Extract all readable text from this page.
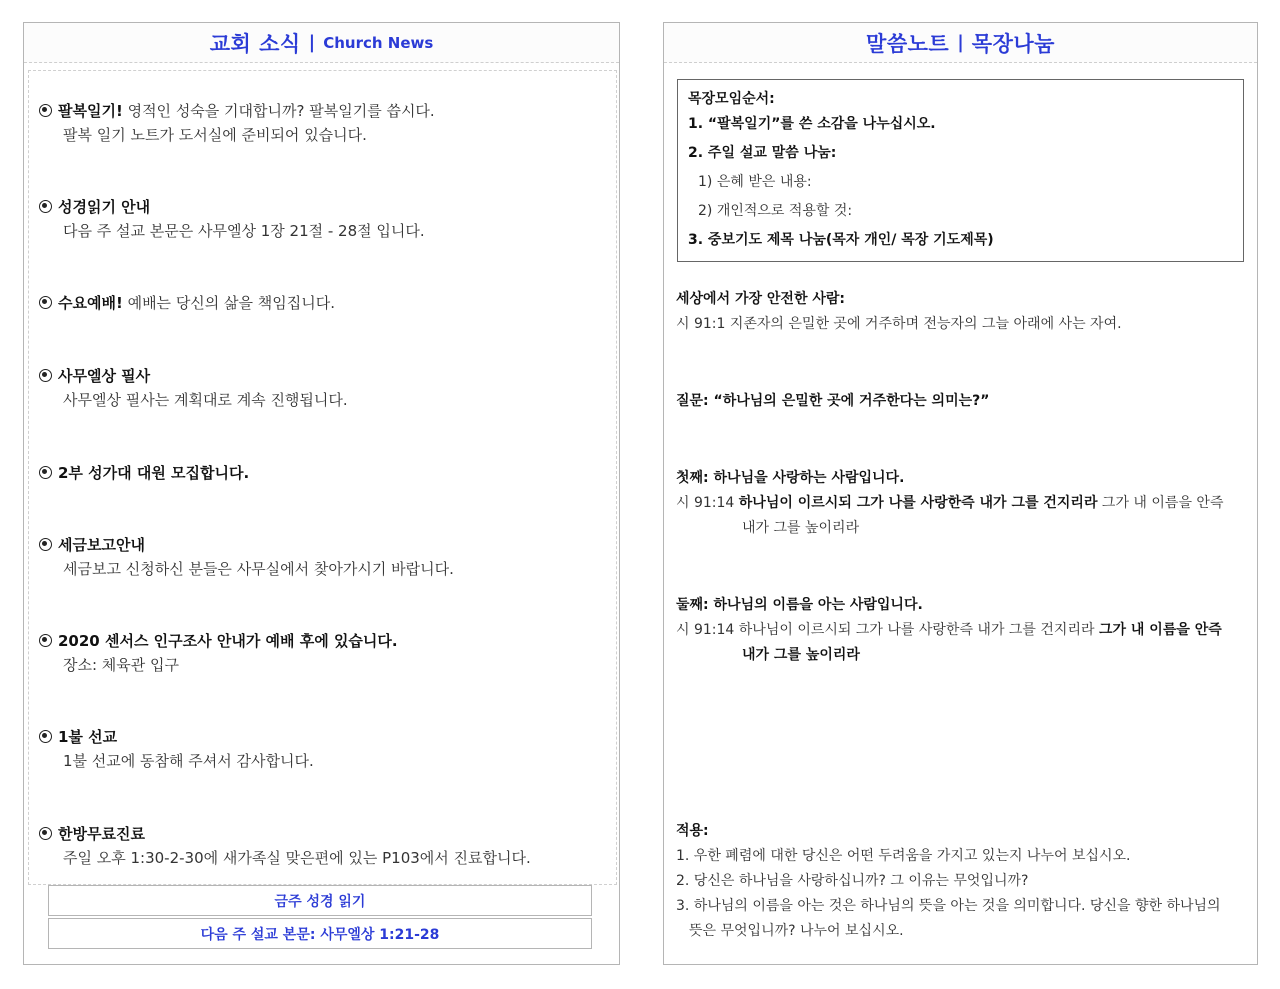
교회 소식 | Church News
팔복일기! 영적인 성숙을 기대합니까? 팔복일기를 씁시다.
팔복 일기 노트가 도서실에 준비되어 있습니다.
성경읽기 안내
다음 주 설교 본문은 사무엘상 1장 21절 - 28절 입니다.
수요예배! 예배는 당신의 삶을 책임집니다.
사무엘상 필사
사무엘상 필사는 계획대로 계속 진행됩니다.
2부 성가대 대원 모집합니다.
세금보고안내
세금보고 신청하신 분들은 사무실에서 찾아가시기 바랍니다.
2020 센서스 인구조사 안내가 예배 후에 있습니다.
장소: 체육관 입구
1불 선교
1불 선교에 동참해 주셔서 감사합니다.
한방무료진료
주일 오후 1:30-2-30에 새가족실 맞은편에 있는 P103에서 진료합니다.
금주 성경 읽기
다음 주 설교 본문: 사무엘상 1:21-28
말씀노트 | 목장나눔
목장모임순서:
1. “팔복일기”를 쓴 소감을 나누십시오.
2. 주일 설교 말씀 나눔:
1) 은혜 받은 내용:
2) 개인적으로 적용할 것:
3. 중보기도 제목 나눔(목자 개인/ 목장 기도제목)
세상에서 가장 안전한 사람:
시 91:1 지존자의 은밀한 곳에 거주하며 전능자의 그늘 아래에 사는 자여.
질문: “하나님의 은밀한 곳에 거주한다는 의미는?”
첫째: 하나님을 사랑하는 사람입니다.
시 91:14 하나님이 이르시되 그가 나를 사랑한즉 내가 그를 건지리라 그가 내 이름을 안즉
내가 그를 높이리라
둘째: 하나님의 이름을 아는 사람입니다.
시 91:14 하나님이 이르시되 그가 나를 사랑한즉 내가 그를 건지리라 그가 내 이름을 안즉
내가 그를 높이리라
적용:
1. 우한 폐렴에 대한 당신은 어떤 두려움을 가지고 있는지 나누어 보십시오.
2. 당신은 하나님을 사랑하십니까? 그 이유는 무엇입니까?
3. 하나님의 이름을 아는 것은 하나님의 뜻을 아는 것을 의미합니다. 당신을 향한 하나님의
뜻은 무엇입니까? 나누어 보십시오.
